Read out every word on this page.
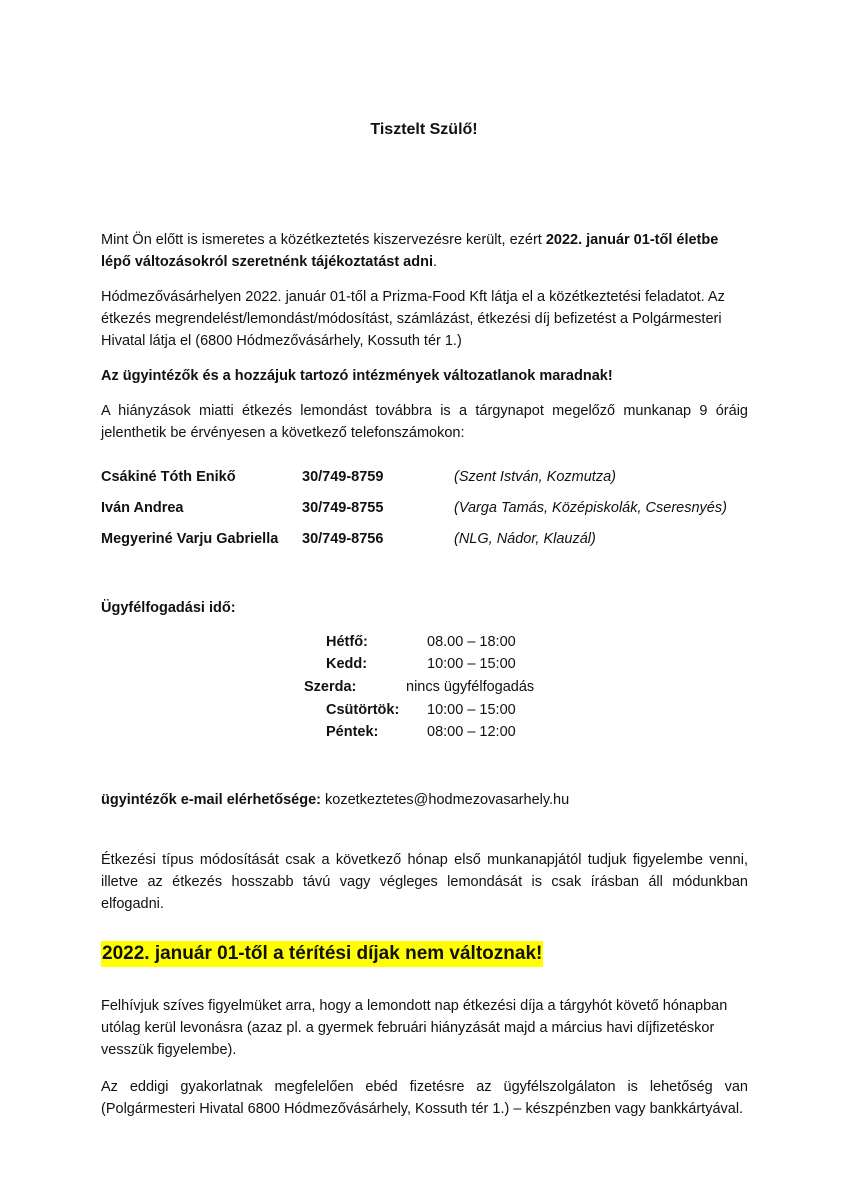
Tisztelt Szülő!
Mint Ön előtt is ismeretes a közétkeztetés kiszervezésre került, ezért 2022. január 01-től életbe lépő változásokról szeretnénk tájékoztatást adni.
Hódmezővásárhelyen 2022. január 01-től a Prizma-Food Kft látja el a közétkeztetési feladatot. Az étkezés megrendelést/lemondást/módosítást, számlázást, étkezési díj befizetést a Polgármesteri Hivatal látja el (6800 Hódmezővásárhely, Kossuth tér 1.)
Az ügyintézők és a hozzájuk tartozó intézmények változatlanok maradnak!
A hiányzások miatti étkezés lemondást továbbra is a tárgynapot megelőző munkanap 9 óráig jelenthetik be érvényesen a következő telefonszámokon:
Csákiné Tóth Enikő	30/749-8759	(Szent István, Kozmutza)
Iván Andrea	30/749-8755	(Varga Tamás, Középiskolák, Cseresnyés)
Megyeriné Varju Gabriella 30/749-8756	(NLG, Nádor, Klauzál)
Ügyfélfogadási idő:
Hétfő:	08.00 – 18:00
Kedd:	10:00 – 15:00
Szerda:	nincs ügyfélfogadás
Csütörtök: 10:00 – 15:00
Péntek:	08:00 – 12:00
ügyintézők e-mail elérhetősége: kozetkeztetes@hodmezovasarhely.hu
Étkezési típus módosítását csak a következő hónap első munkanapjától tudjuk figyelembe venni, illetve az étkezés hosszabb távú vagy végleges lemondását is csak írásban áll módunkban elfogadni.
2022. január 01-től a térítési díjak nem változnak!
Felhívjuk szíves figyelmüket arra, hogy a lemondott nap étkezési díja a tárgyhót követő hónapban utólag kerül levonásra (azaz pl. a gyermek februári hiányzását majd a március havi díjfizetéskor vesszük figyelembe).
Az eddigi gyakorlatnak megfelelően ebéd fizetésre az ügyfélszolgálaton is lehetőség van (Polgármesteri Hivatal 6800 Hódmezővásárhely, Kossuth tér 1.) – készpénzben vagy bankkártyával.
